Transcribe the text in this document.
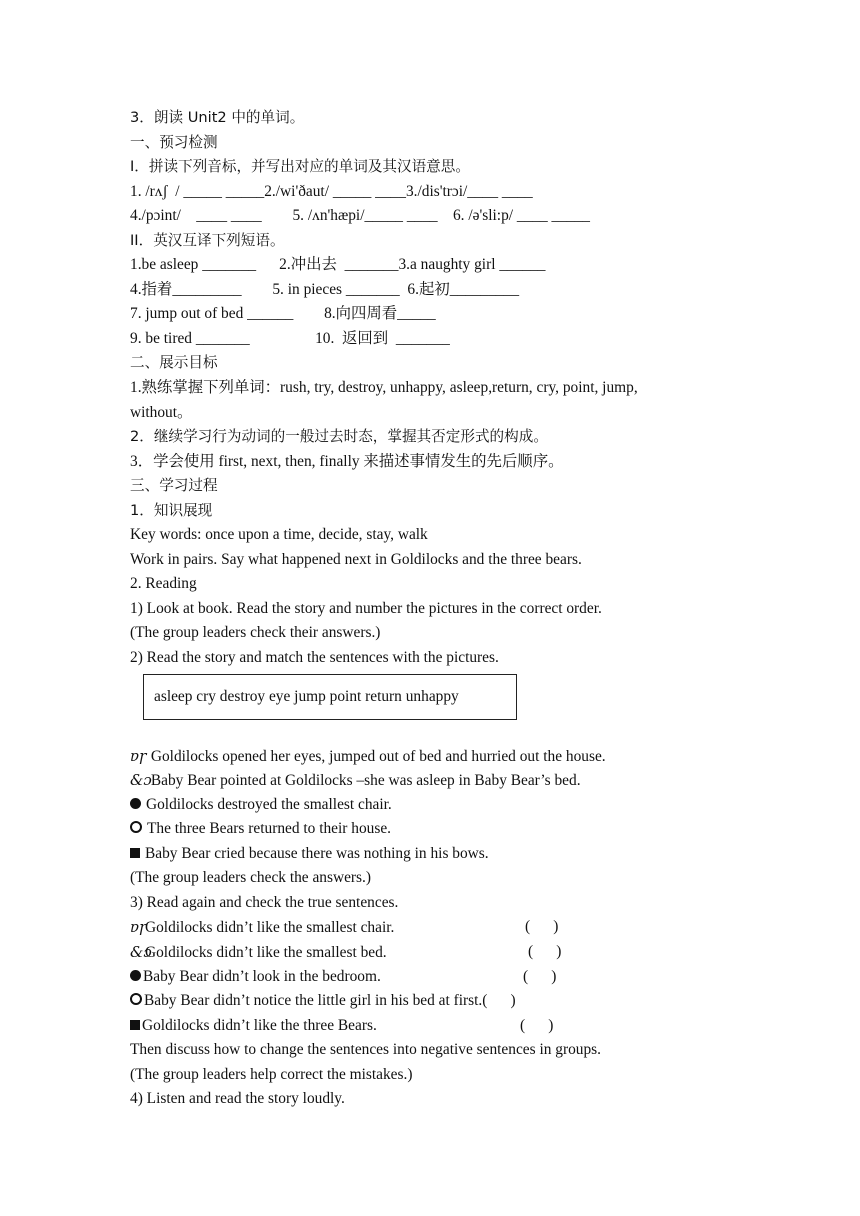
3．朗读 Unit2 中的单词。

一、预习检测

I．拼读下列音标，并写出对应的单词及其汉语意思。

1. /rʌʃ  / _____ _____2./wi'ðaut/ _____ ____3./dis'trɔi/____ ____

4./pɔint/    ____ ____        5. /ʌn'hæpi/_____ ____    6. /ə'sli:p/ ____ _____

II．英汉互译下列短语。

1.be asleep _______      2.冲出去  _______3.a naughty girl ______

4.指着_________        5. in pieces _______  6.起初_________

7. jump out of bed ______        8.向四周看_____

9. be tired _______                 10.  返回到  _______

二、展示目标

1.熟练掌握下列单词：rush, try, destroy, unhappy, asleep,return, cry, point, jump,

without。

2．继续学习行为动词的一般过去时态，掌握其否定形式的构成。

3．学会使用 first, next, then, finally 来描述事情发生的先后顺序。

三、学习过程

1．知识展现

Key words: once upon a time, decide, stay, walk

Work in pairs. Say what happened next in Goldilocks and the three bears.

2. Reading

1) Look at book. Read the story and number the pictures in the correct order.

(The group leaders check their answers.)

2) Read the story and match the sentences with the pictures.

asleep cry destroy eye jump point return unhappy

ɐɼ Goldilocks opened her eyes, jumped out of bed and hurried out the house.

&ɔ Baby Bear pointed at Goldilocks –she was asleep in Baby Bear’s bed.

Goldilocks destroyed the smallest chair.

The three Bears returned to their house.

Baby Bear cried because there was nothing in his bows.

(The group leaders check the answers.)

3) Read again and check the true sentences.

ɐɼGoldilocks didn’t like the smallest chair.	(      )
&ɔGoldilocks didn’t like the smallest bed.	(      )
Baby Bear didn’t look in the bedroom.	(      )
Baby Bear didn’t notice the little girl in his bed at first.(      )
Goldilocks didn’t like the three Bears.	(      )

Then discuss how to change the sentences into negative sentences in groups.

(The group leaders help correct the mistakes.)

4) Listen and read the story loudly.
